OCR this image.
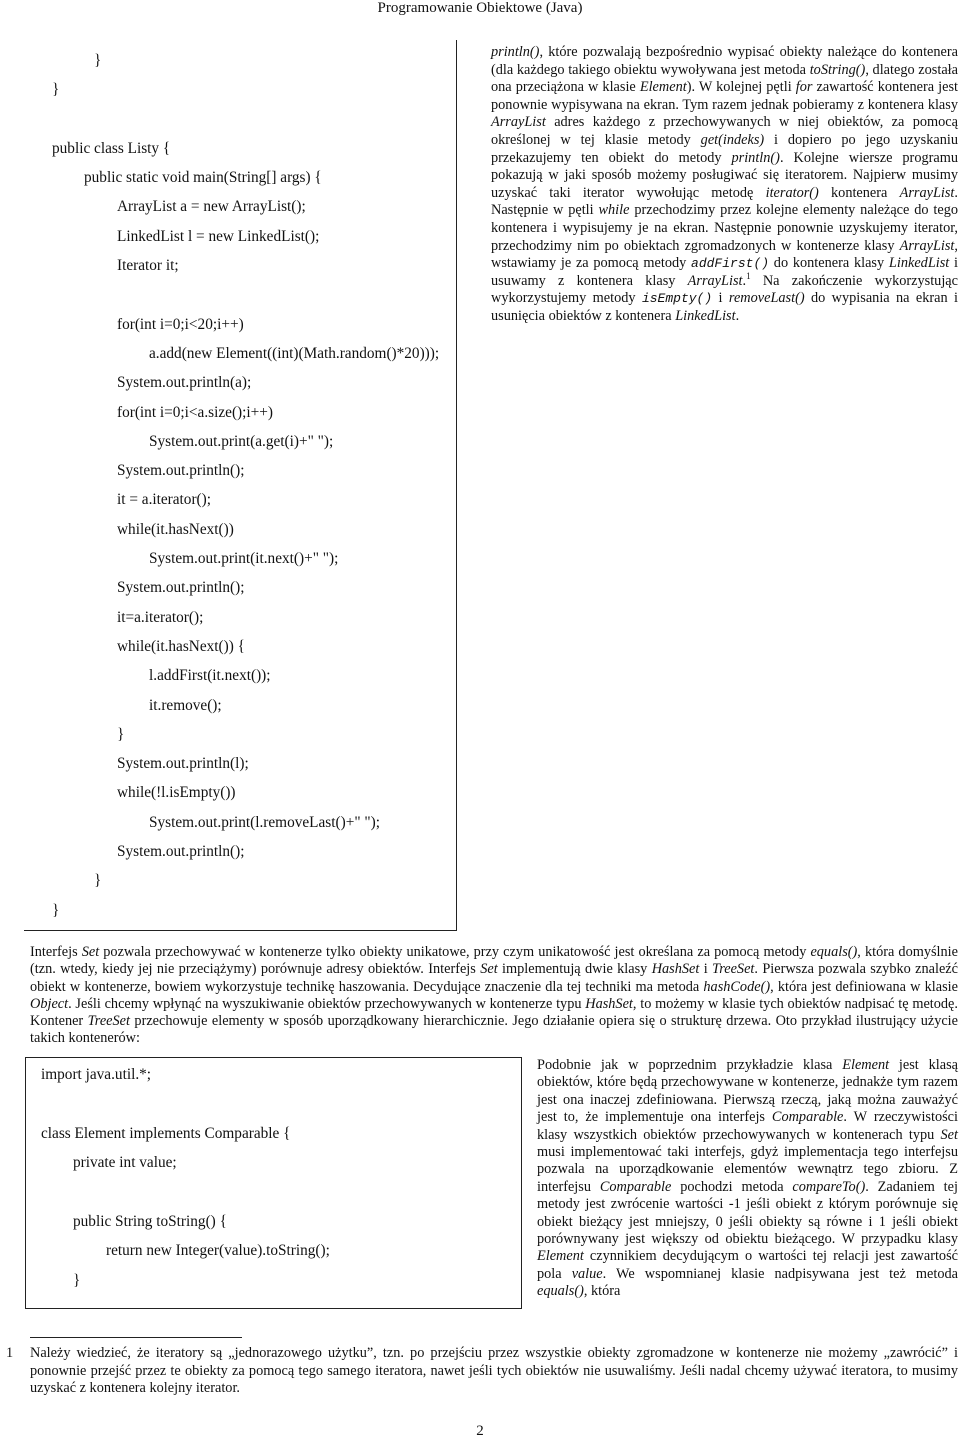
Programowanie Obiektowe (Java)
}
}
public class Listy {
public static void main(String[] args) {
ArrayList a = new ArrayList();
LinkedList l = new LinkedList();
Iterator it;
for(int i=0;i<20;i++)
a.add(new Element((int)(Math.random()*20)));
System.out.println(a);
for(int i=0;i<a.size();i++)
System.out.print(a.get(i)+" ");
System.out.println();
it = a.iterator();
while(it.hasNext())
System.out.print(it.next()+" ");
System.out.println();
it=a.iterator();
while(it.hasNext()) {
l.addFirst(it.next());
it.remove();
}
System.out.println(l);
while(!l.isEmpty())
System.out.print(l.removeLast()+" ");
System.out.println();
}
}
println(), które pozwalają bezpośrednio wypisać obiekty należące do kontenera (dla każdego takiego obiektu wywoływana jest metoda toString(), dlatego została ona przeciążona w klasie Element). W kolejnej pętli for zawartość kontenera jest ponownie wypisywana na ekran. Tym razem jednak pobieramy z kontenera klasy ArrayList adres każdego z przechowywanych w niej obiektów, za pomocą określonej w tej klasie metody get(indeks) i dopiero po jego uzyskaniu przekazujemy ten obiekt do metody println(). Kolejne wiersze programu pokazują w jaki sposób możemy posługiwać się iteratorem. Najpierw musimy uzyskać taki iterator wywołując metodę iterator() kontenera ArrayList. Następnie w pętli while przechodzimy przez kolejne elementy należące do tego kontenera i wypisujemy je na ekran. Następnie ponownie uzyskujemy iterator, przechodzimy nim po obiektach zgromadzonych w kontenerze klasy ArrayList, wstawiamy je za pomocą metody addFirst() do kontenera klasy LinkedList i usuwamy z kontenera klasy ArrayList.$^1$ Na zakończenie wykorzystując wykorzystujemy metody isEmpty() i removeLast() do wypisania na ekran i usunięcia obiektów z kontenera LinkedList.
Interfejs Set pozwala przechowywać w kontenerze tylko obiekty unikatowe, przy czym unikatowość jest określana za pomocą metody equals(), która domyślnie (tzn. wtedy, kiedy jej nie przeciążymy) porównuje adresy obiektów. Interfejs Set implementują dwie klasy HashSet i TreeSet. Pierwsza pozwala szybko znaleźć obiekt w kontenerze, bowiem wykorzystuje technikę haszowania. Decydujące znaczenie dla tej techniki ma metoda hashCode(), która jest definiowana w klasie Object. Jeśli chcemy wpłynąć na wyszukiwanie obiektów przechowywanych w kontenerze typu HashSet, to możemy w klasie tych obiektów nadpisać tę metodę. Kontener TreeSet przechowuje elementy w sposób uporządkowany hierarchicznie. Jego działanie opiera się o strukturę drzewa. Oto przykład ilustrujący użycie takich kontenerów:
import java.util.*;
class Element implements Comparable {
private int value;
public String toString() {
return new Integer(value).toString();
}
Podobnie jak w poprzednim przykładzie klasa Element jest klasą obiektów, które będą przechowywane w kontenerze, jednakże tym razem jest ona inaczej zdefiniowana. Pierwszą rzeczą, jaką można zauważyć jest to, że implementuje ona interfejs Comparable. W rzeczywistości klasy wszystkich obiektów przechowywanych w kontenerach typu Set musi implementować taki interfejs, gdyż implementacja tego interfejsu pozwala na uporządkowanie elementów wewnątrz tego zbioru. Z interfejsu Comparable pochodzi metoda compareTo(). Zadaniem tej metody jest zwrócenie wartości -1 jeśli obiekt z którym porównuje się obiekt bieżący jest mniejszy, 0 jeśli obiekty są równe i 1 jeśli obiekt porównywany jest większy od obiektu bieżącego. W przypadku klasy Element czynnikiem decydującym o wartości tej relacji jest zawartość pola value. We wspomnianej klasie nadpisywana jest też metoda equals(), która
1 Należy wiedzieć, że iteratory są „jednorazowego użytku”, tzn. po przejściu przez wszystkie obiekty zgromadzone w kontenerze nie możemy „zawrócić” i ponownie przejść przez te obiekty za pomocą tego samego iteratora, nawet jeśli tych obiektów nie usuwaliśmy. Jeśli nadal chcemy używać iteratora, to musimy uzyskać z kontenera kolejny iterator.
2
